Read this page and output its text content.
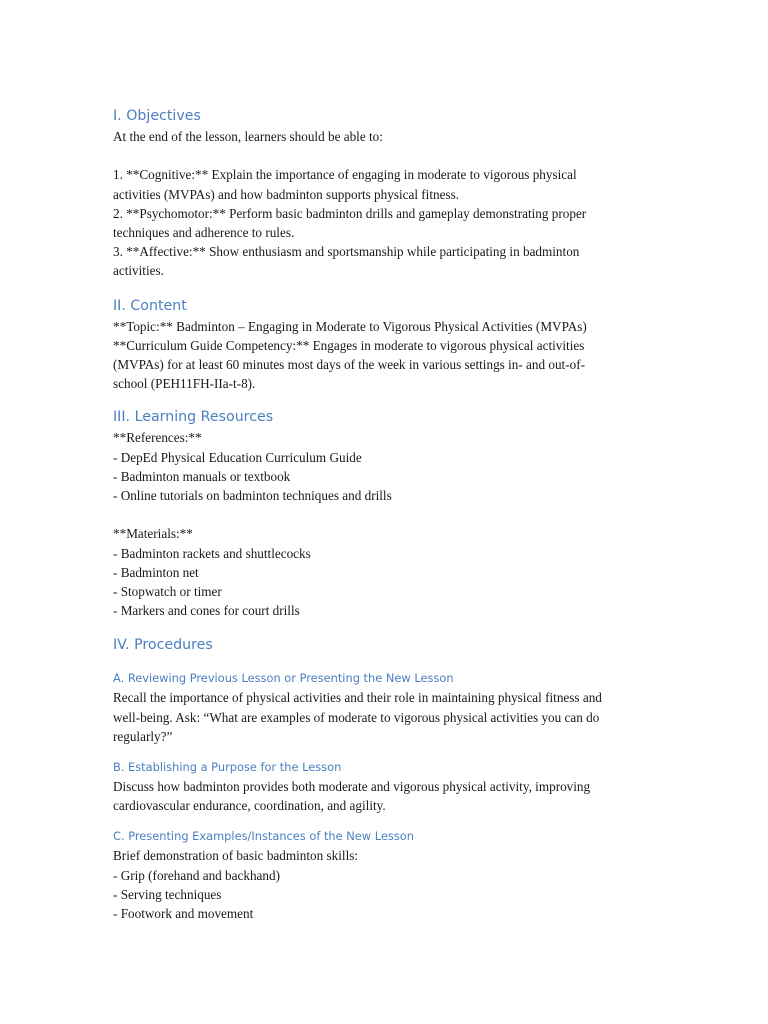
I. Objectives

At the end of the lesson, learners should be able to:

1. **Cognitive:** Explain the importance of engaging in moderate to vigorous physical

activities (MVPAs) and how badminton supports physical fitness.

2. **Psychomotor:** Perform basic badminton drills and gameplay demonstrating proper

techniques and adherence to rules.

3. **Affective:** Show enthusiasm and sportsmanship while participating in badminton

activities.

II. Content

**Topic:** Badminton – Engaging in Moderate to Vigorous Physical Activities (MVPAs)

**Curriculum Guide Competency:** Engages in moderate to vigorous physical activities

(MVPAs) for at least 60 minutes most days of the week in various settings in- and out-of-

school (PEH11FH-IIa-t-8).

III. Learning Resources

**References:**

- DepEd Physical Education Curriculum Guide

- Badminton manuals or textbook

- Online tutorials on badminton techniques and drills

**Materials:**

- Badminton rackets and shuttlecocks

- Badminton net

- Stopwatch or timer

- Markers and cones for court drills

IV. Procedures
A. Reviewing Previous Lesson or Presenting the New Lesson

Recall the importance of physical activities and their role in maintaining physical fitness and

well-being. Ask: “What are examples of moderate to vigorous physical activities you can do

regularly?”

B. Establishing a Purpose for the Lesson

Discuss how badminton provides both moderate and vigorous physical activity, improving

cardiovascular endurance, coordination, and agility.

C. Presenting Examples/Instances of the New Lesson

Brief demonstration of basic badminton skills:

- Grip (forehand and backhand)

- Serving techniques

- Footwork and movement
